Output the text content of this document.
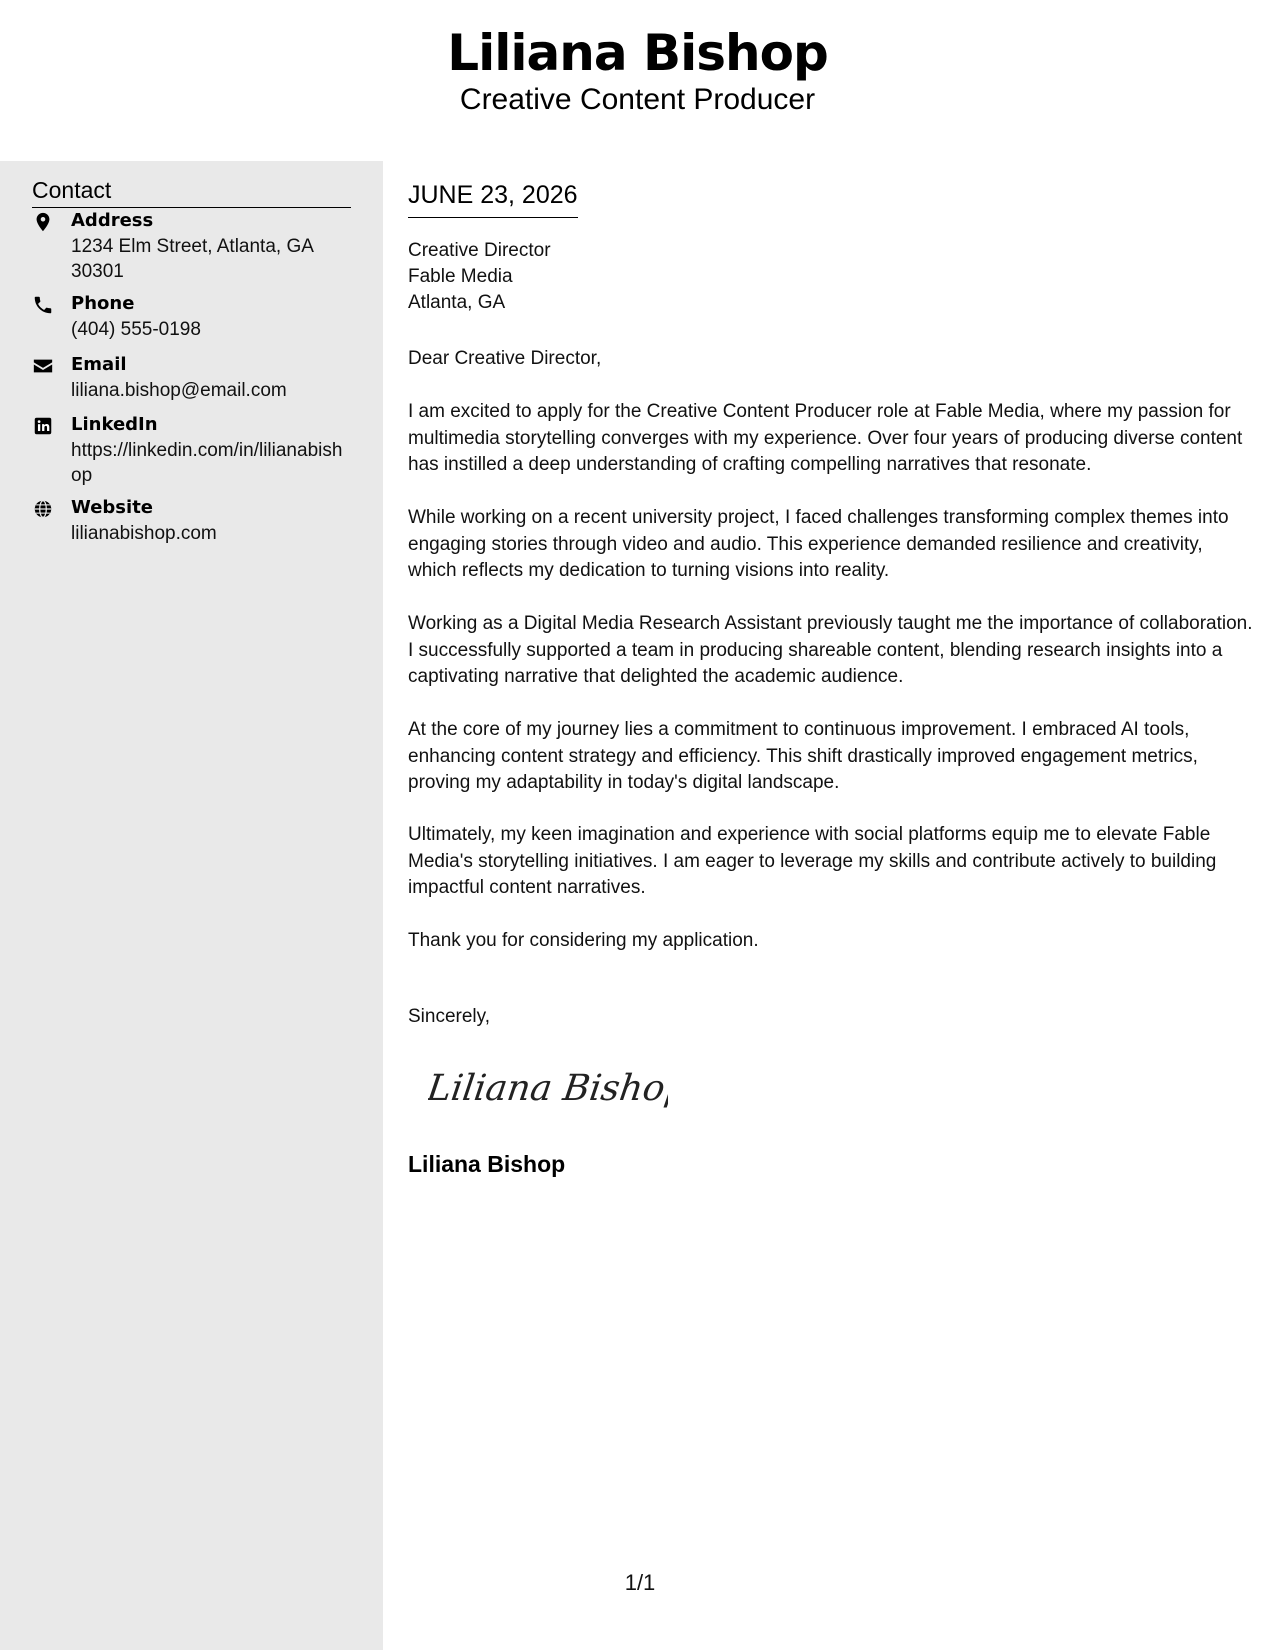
Liliana Bishop
Creative Content Producer
Contact
Address
1234 Elm Street, Atlanta, GA 30301
Phone
(404) 555-0198
Email
liliana.bishop@email.com
LinkedIn
https://linkedin.com/in/lilianabishop
Website
lilianabishop.com
JUNE 23, 2026
Creative Director
Fable Media
Atlanta, GA
Dear Creative Director,
I am excited to apply for the Creative Content Producer role at Fable Media, where my passion for multimedia storytelling converges with my experience. Over four years of producing diverse content has instilled a deep understanding of crafting compelling narratives that resonate.
While working on a recent university project, I faced challenges transforming complex themes into engaging stories through video and audio. This experience demanded resilience and creativity, which reflects my dedication to turning visions into reality.
Working as a Digital Media Research Assistant previously taught me the importance of collaboration. I successfully supported a team in producing shareable content, blending research insights into a captivating narrative that delighted the academic audience.
At the core of my journey lies a commitment to continuous improvement. I embraced AI tools, enhancing content strategy and efficiency. This shift drastically improved engagement metrics, proving my adaptability in today's digital landscape.
Ultimately, my keen imagination and experience with social platforms equip me to elevate Fable Media's storytelling initiatives. I am eager to leverage my skills and contribute actively to building impactful content narratives.
Thank you for considering my application.
Sincerely,
Liliana Bishop
Liliana Bishop
1/1
